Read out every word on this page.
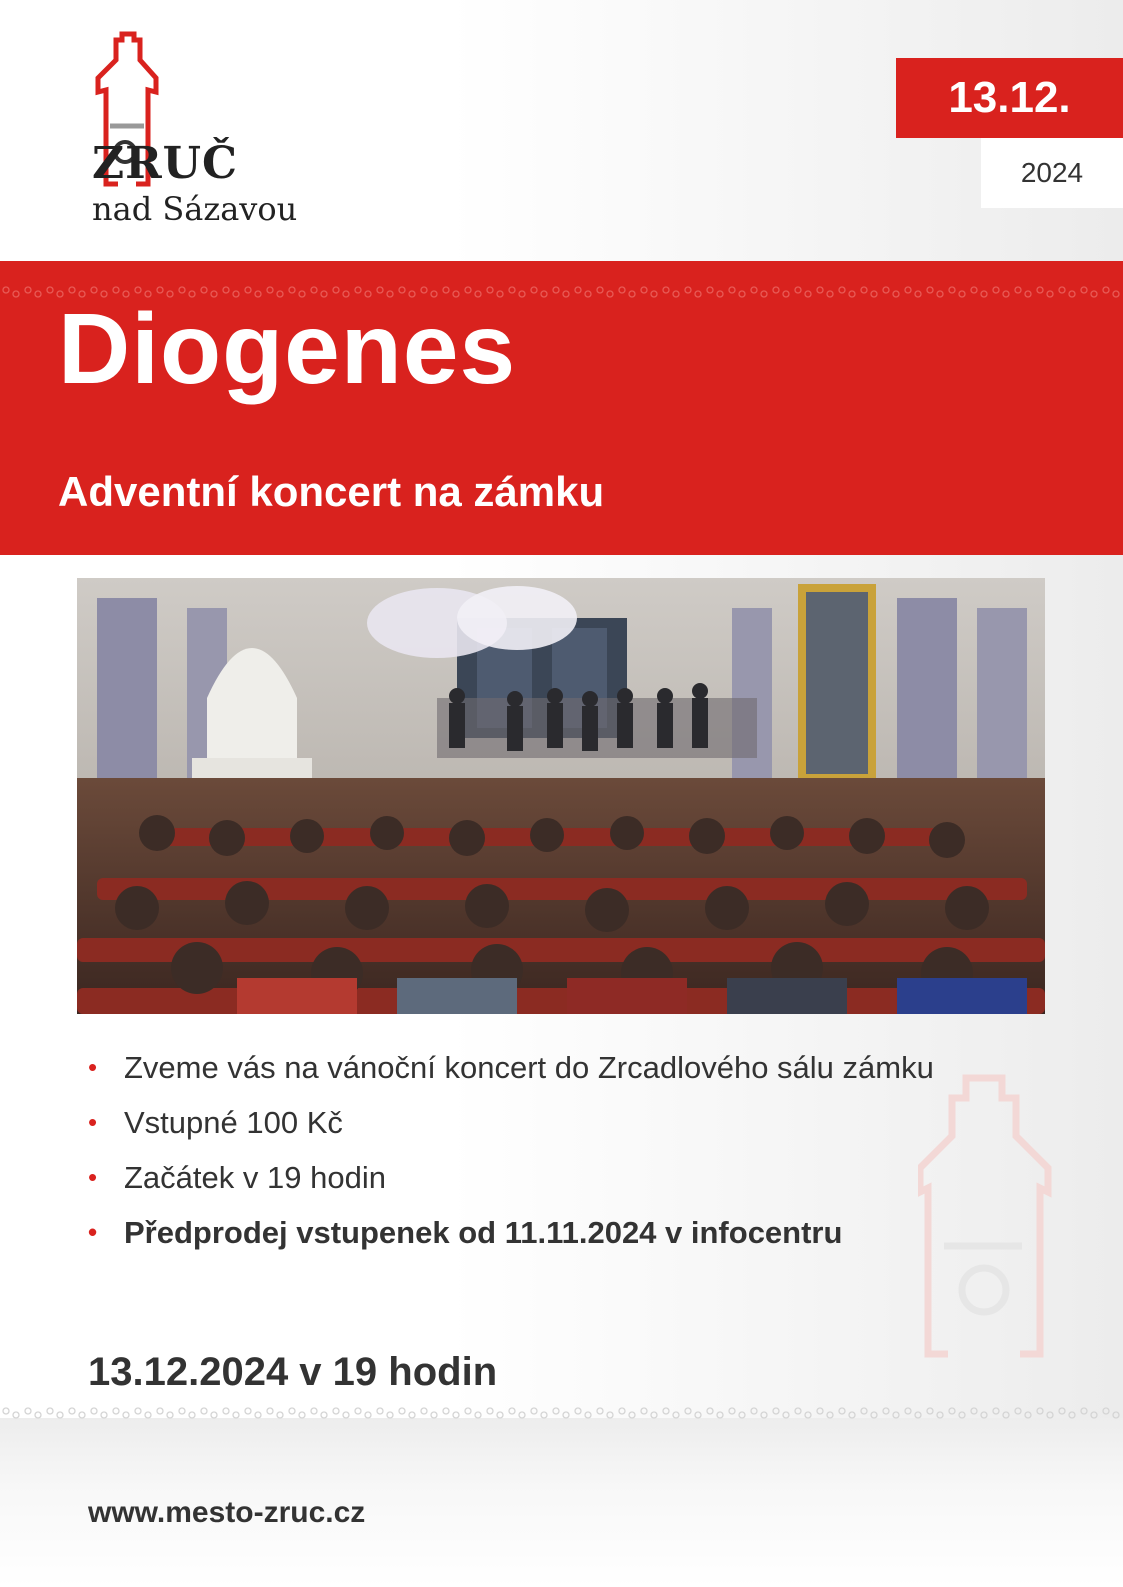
ZRUČ
nad Sázavou
13.12.
2024
Diogenes
Adventní koncert na zámku
• Zveme vás na vánoční koncert do Zrcadlového sálu zámku
• Vstupné 100 Kč
• Začátek v 19 hodin
• Předprodej vstupenek od 11.11.2024 v infocentru
13.12.2024 v 19 hodin
www.mesto-zruc.cz
